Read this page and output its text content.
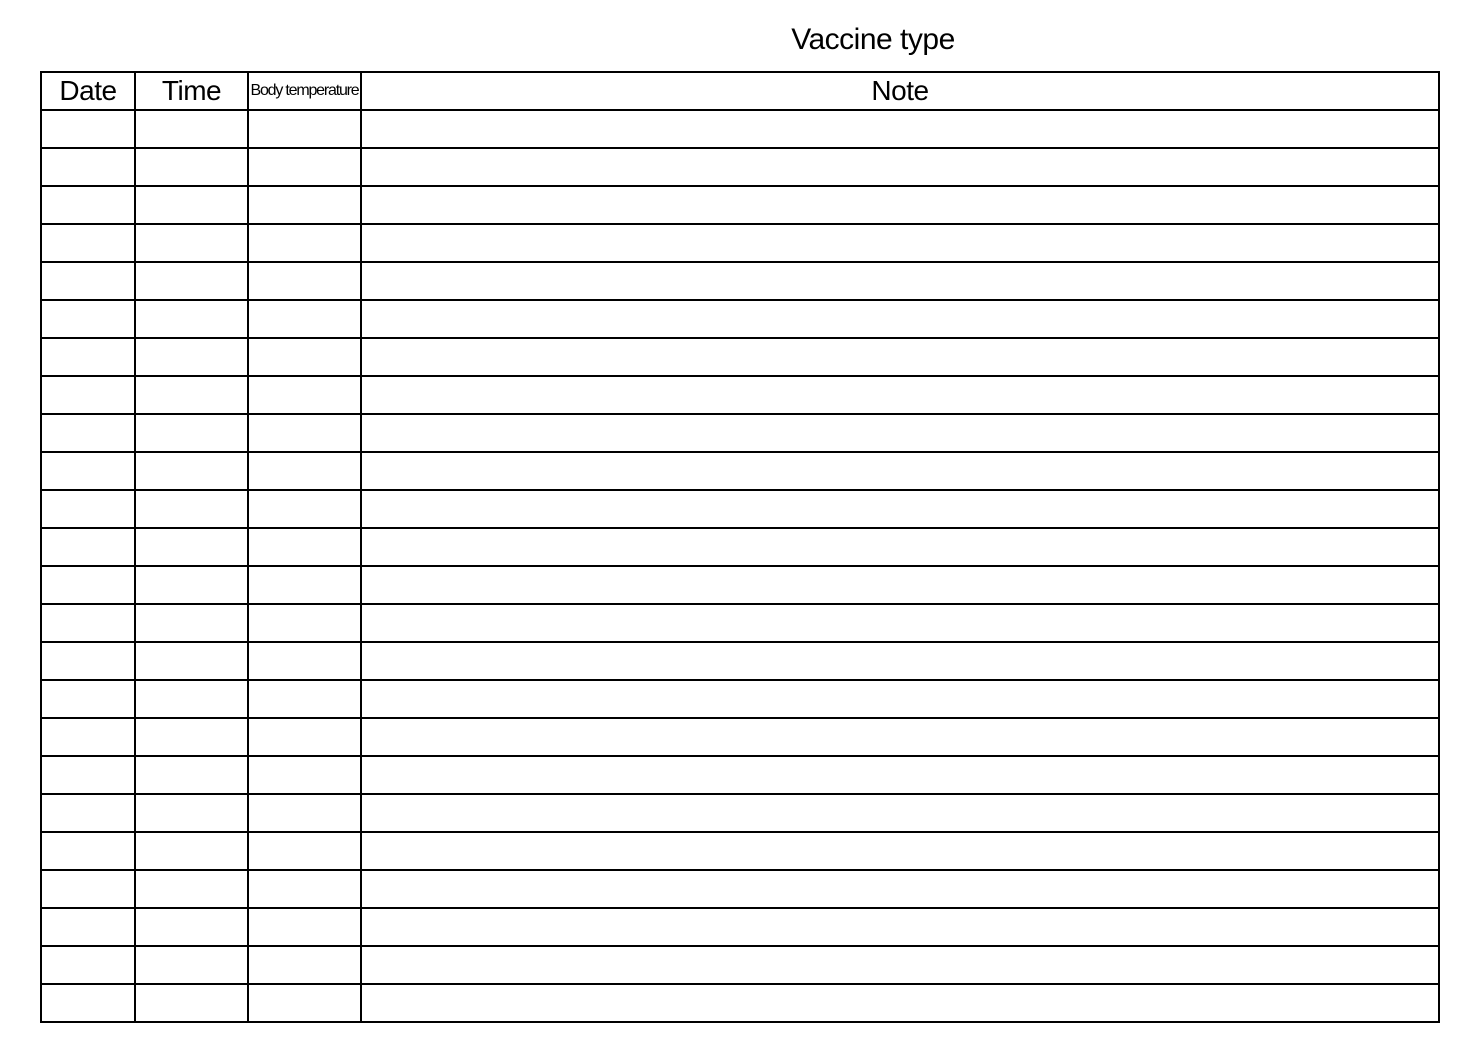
Vaccine type
Date	Time	Body temperature	Note
